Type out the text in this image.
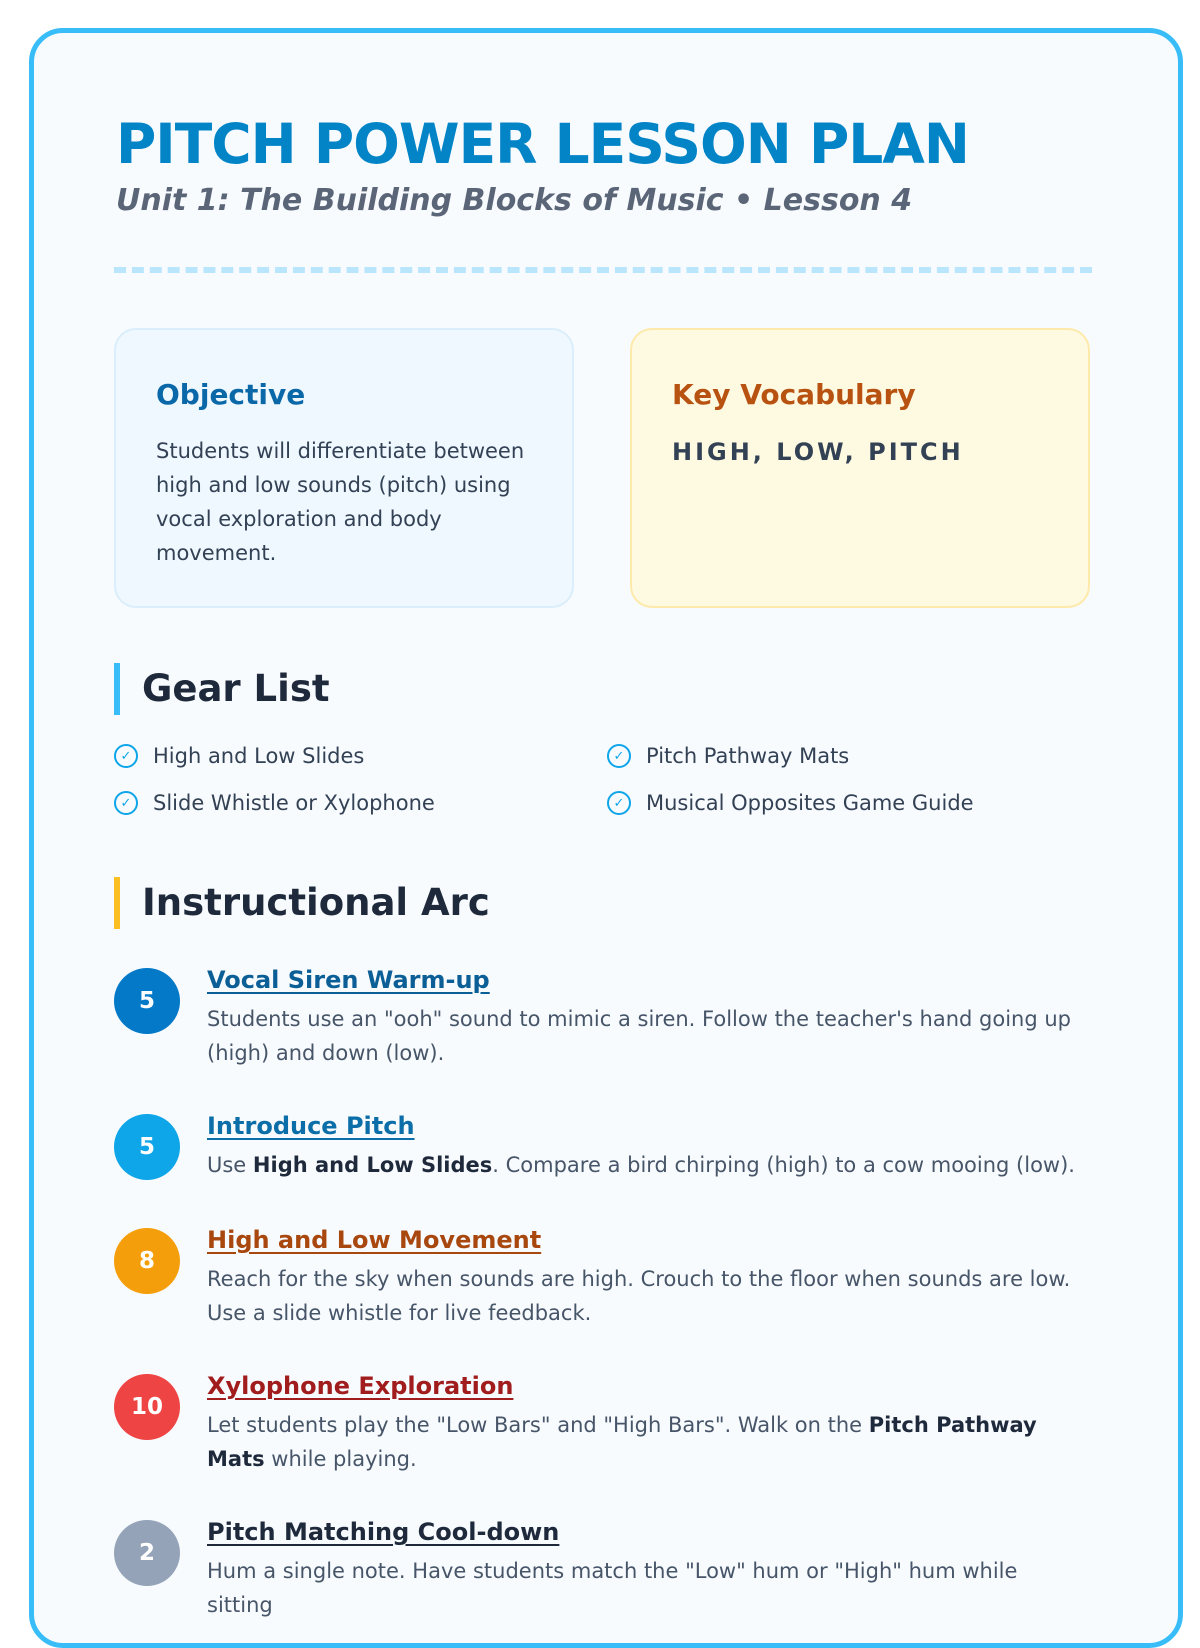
PITCH POWER LESSON PLAN
Unit 1: The Building Blocks of Music • Lesson 4
Objective

Students will differentiate between high and low sounds (pitch) using vocal exploration and body movement.

Key Vocabulary
HIGH, LOW, PITCH
Gear List
✓	High and Low Slides	✓	Pitch Pathway Mats
✓	Slide Whistle or Xylophone	✓	Musical Opposites Game Guide
Instructional Arc
5
Vocal Siren Warm-up
Students use an "ooh" sound to mimic a siren. Follow the teacher's hand going up (high) and down (low).
5
Introduce Pitch
Use High and Low Slides. Compare a bird chirping (high) to a cow mooing (low).
8
High and Low Movement
Reach for the sky when sounds are high. Crouch to the floor when sounds are low. Use a slide whistle for live feedback.
10
Xylophone Exploration
Let students play the "Low Bars" and "High Bars". Walk on the Pitch Pathway Mats while playing.
2
Pitch Matching Cool-down
Hum a single note. Have students match the "Low" hum or "High" hum while sitting
